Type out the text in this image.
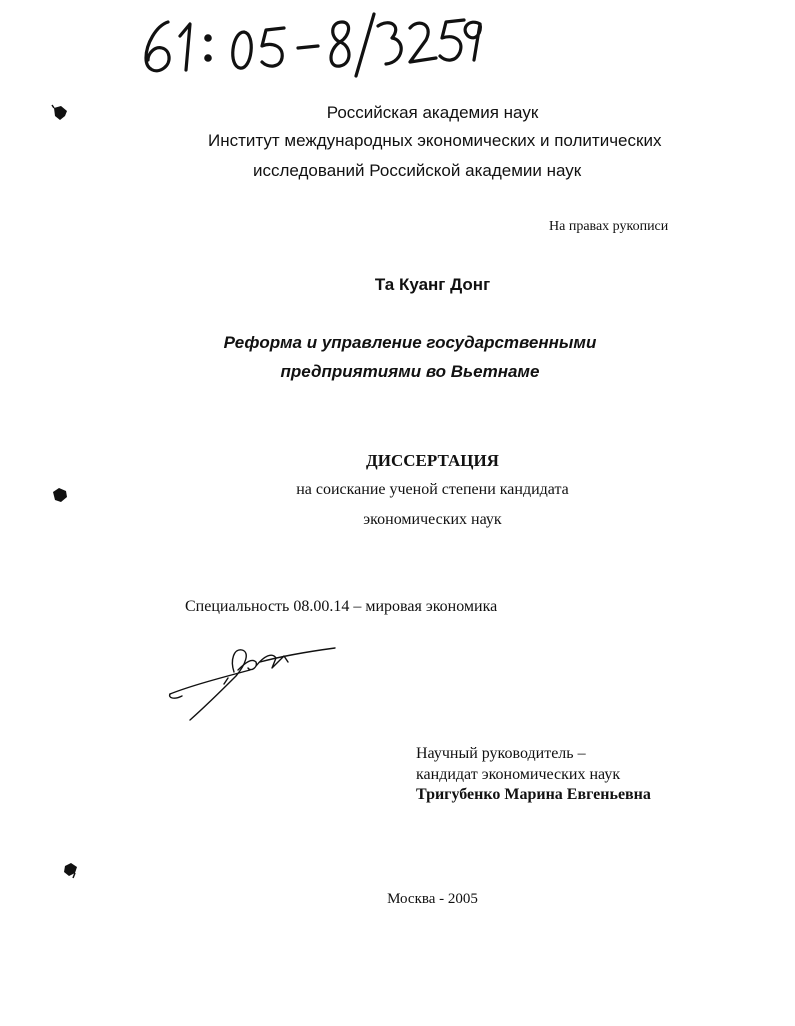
Российская академия наук
Институт международных экономических и политических
исследований Российской академии наук
На правах рукописи
Та Куанг Донг
Реформа и управление государственными
предприятиями во Вьетнаме
ДИССЕРТАЦИЯ
на соискание ученой степени кандидата
экономических наук
Специальность 08.00.14 – мировая экономика
Научный руководитель –
кандидат экономических наук
Тригубенко Марина Евгеньевна
Москва - 2005
